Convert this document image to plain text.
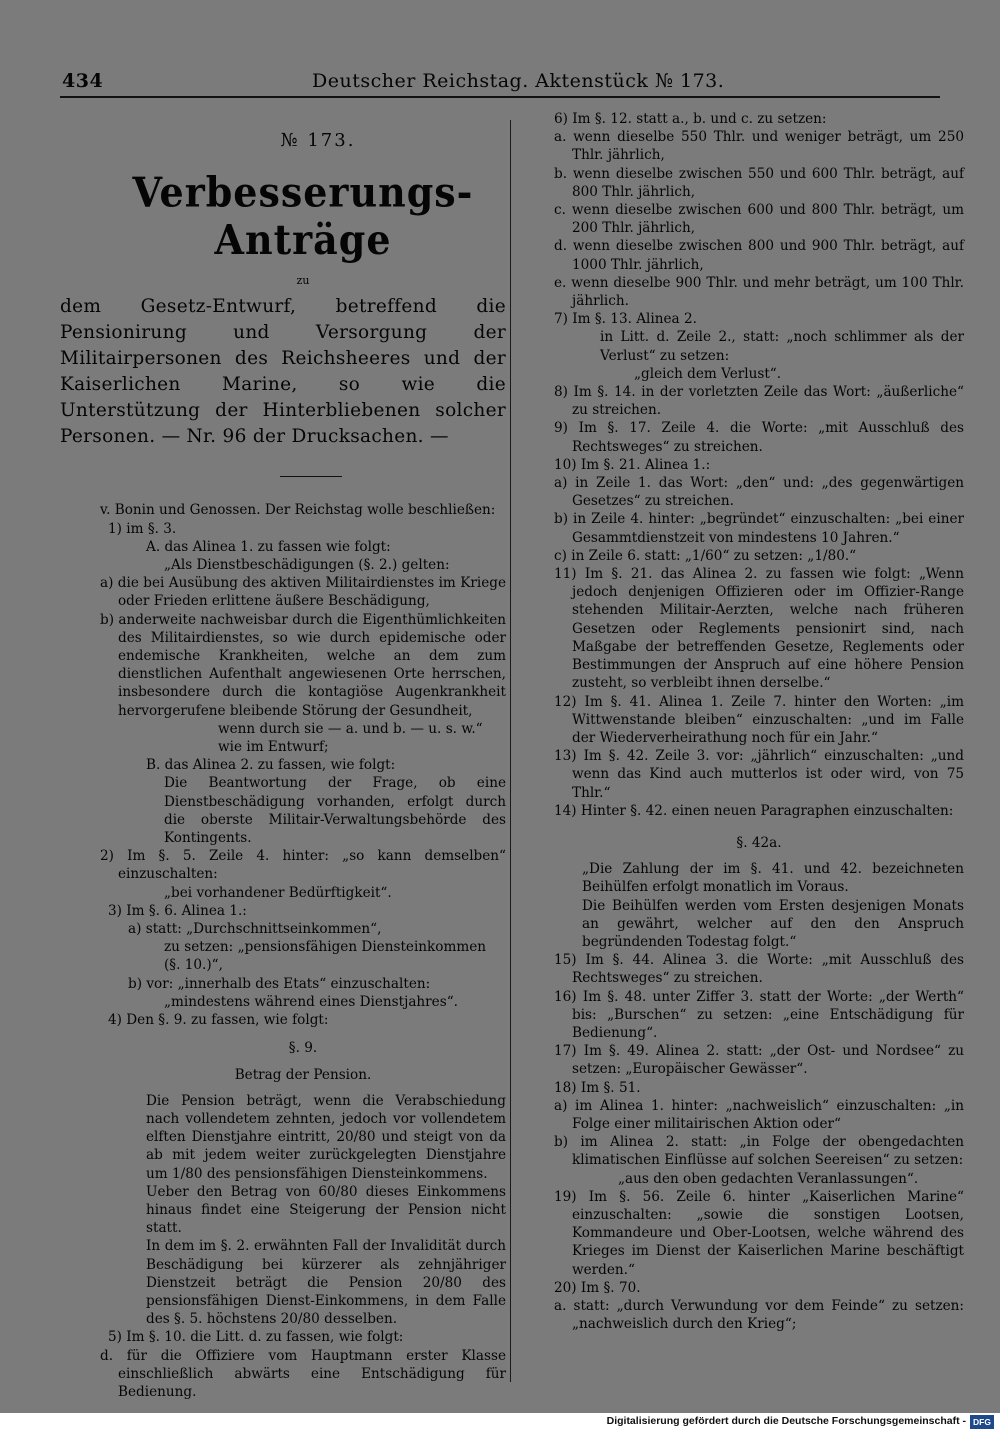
434	Deutscher Reichstag. Aktenstück № 173.
№ 173.
Verbesserungs-Anträge
zu
dem Gesetz-Entwurf, betreffend die Pensionirung und Versorgung der Militairpersonen des Reichsheeres und der Kaiserlichen Marine, so wie die Unterstützung der Hinterbliebenen solcher Personen. — Nr. 96 der Drucksachen. —
v. Bonin und Genossen. Der Reichstag wolle beschließen:
1) im §. 3.
A. das Alinea 1. zu fassen wie folgt:
„Als Dienstbeschädigungen (§. 2.) gelten:
a) die bei Ausübung des aktiven Militairdienstes im Kriege oder Frieden erlittene äußere Beschädigung,
b) anderweite nachweisbar durch die Eigenthümlichkeiten des Militairdienstes, so wie durch epidemische oder endemische Krankheiten, welche an dem zum dienstlichen Aufenthalt angewiesenen Orte herrschen, insbesondere durch die kontagiöse Augenkrankheit hervorgerufene bleibende Störung der Gesundheit,
wenn durch sie — a. und b. — u. s. w.“
wie im Entwurf;
B. das Alinea 2. zu fassen, wie folgt:
Die Beantwortung der Frage, ob eine Dienstbeschädigung vorhanden, erfolgt durch die oberste Militair-Verwaltungsbehörde des Kontingents.
2) Im §. 5. Zeile 4. hinter: „so kann demselben“ einzuschalten:
„bei vorhandener Bedürftigkeit“.
3) Im §. 6. Alinea 1.:
a) statt: „Durchschnittseinkommen“,
zu setzen: „pensionsfähigen Diensteinkommen (§. 10.)“,
b) vor: „innerhalb des Etats“ einzuschalten:
„mindestens während eines Dienstjahres“.
4) Den §. 9. zu fassen, wie folgt:
§. 9.
Betrag der Pension.
Die Pension beträgt, wenn die Verabschiedung nach vollendetem zehnten, jedoch vor vollendetem elften Dienstjahre eintritt, 20/80 und steigt von da ab mit jedem weiter zurückgelegten Dienstjahre um 1/80 des pensionsfähigen Diensteinkommens.
Ueber den Betrag von 60/80 dieses Einkommens hinaus findet eine Steigerung der Pension nicht statt.
In dem im §. 2. erwähnten Fall der Invalidität durch Beschädigung bei kürzerer als zehnjähriger Dienstzeit beträgt die Pension 20/80 des pensionsfähigen Dienst-Einkommens, in dem Falle des §. 5. höchstens 20/80 desselben.
5) Im §. 10. die Litt. d. zu fassen, wie folgt:
d. für die Offiziere vom Hauptmann erster Klasse einschließlich abwärts eine Entschädigung für Bedienung.
6) Im §. 12. statt a., b. und c. zu setzen:
a. wenn dieselbe 550 Thlr. und weniger beträgt, um 250 Thlr. jährlich,
b. wenn dieselbe zwischen 550 und 600 Thlr. beträgt, auf 800 Thlr. jährlich,
c. wenn dieselbe zwischen 600 und 800 Thlr. beträgt, um 200 Thlr. jährlich,
d. wenn dieselbe zwischen 800 und 900 Thlr. beträgt, auf 1000 Thlr. jährlich,
e. wenn dieselbe 900 Thlr. und mehr beträgt, um 100 Thlr. jährlich.
7) Im §. 13. Alinea 2.
in Litt. d. Zeile 2., statt: „noch schlimmer als der Verlust“ zu setzen:
„gleich dem Verlust“.
8) Im §. 14. in der vorletzten Zeile das Wort: „äußerliche“ zu streichen.
9) Im §. 17. Zeile 4. die Worte: „mit Ausschluß des Rechtsweges“ zu streichen.
10) Im §. 21. Alinea 1.:
a) in Zeile 1. das Wort: „den“ und: „des gegenwärtigen Gesetzes“ zu streichen.
b) in Zeile 4. hinter: „begründet“ einzuschalten: „bei einer Gesammtdienstzeit von mindestens 10 Jahren.“
c) in Zeile 6. statt: „1/60“ zu setzen: „1/80.“
11) Im §. 21. das Alinea 2. zu fassen wie folgt: „Wenn jedoch denjenigen Offizieren oder im Offizier-Range stehenden Militair-Aerzten, welche nach früheren Gesetzen oder Reglements pensionirt sind, nach Maßgabe der betreffenden Gesetze, Reglements oder Bestimmungen der Anspruch auf eine höhere Pension zusteht, so verbleibt ihnen derselbe.“
12) Im §. 41. Alinea 1. Zeile 7. hinter den Worten: „im Wittwenstande bleiben“ einzuschalten: „und im Falle der Wiederverheirathung noch für ein Jahr.“
13) Im §. 42. Zeile 3. vor: „jährlich“ einzuschalten: „und wenn das Kind auch mutterlos ist oder wird, von 75 Thlr.“
14) Hinter §. 42. einen neuen Paragraphen einzuschalten:
§. 42a.
„Die Zahlung der im §. 41. und 42. bezeichneten Beihülfen erfolgt monatlich im Voraus.
Die Beihülfen werden vom Ersten desjenigen Monats an gewährt, welcher auf den den Anspruch begründenden Todestag folgt.“
15) Im §. 44. Alinea 3. die Worte: „mit Ausschluß des Rechtsweges“ zu streichen.
16) Im §. 48. unter Ziffer 3. statt der Worte: „der Werth“ bis: „Burschen“ zu setzen: „eine Entschädigung für Bedienung“.
17) Im §. 49. Alinea 2. statt: „der Ost- und Nordsee“ zu setzen: „Europäischer Gewässer“.
18) Im §. 51.
a) im Alinea 1. hinter: „nachweislich“ einzuschalten: „in Folge einer militairischen Aktion oder“
b) im Alinea 2. statt: „in Folge der obengedachten klimatischen Einflüsse auf solchen Seereisen“ zu setzen:
„aus den oben gedachten Veranlassungen“.
19) Im §. 56. Zeile 6. hinter „Kaiserlichen Marine“ einzuschalten: „sowie die sonstigen Lootsen, Kommandeure und Ober-Lootsen, welche während des Krieges im Dienst der Kaiserlichen Marine beschäftigt werden.“
20) Im §. 70.
a. statt: „durch Verwundung vor dem Feinde“ zu setzen: „nachweislich durch den Krieg“;
Digitalisierung gefördert durch die Deutsche Forschungsgemeinschaft - DFG
